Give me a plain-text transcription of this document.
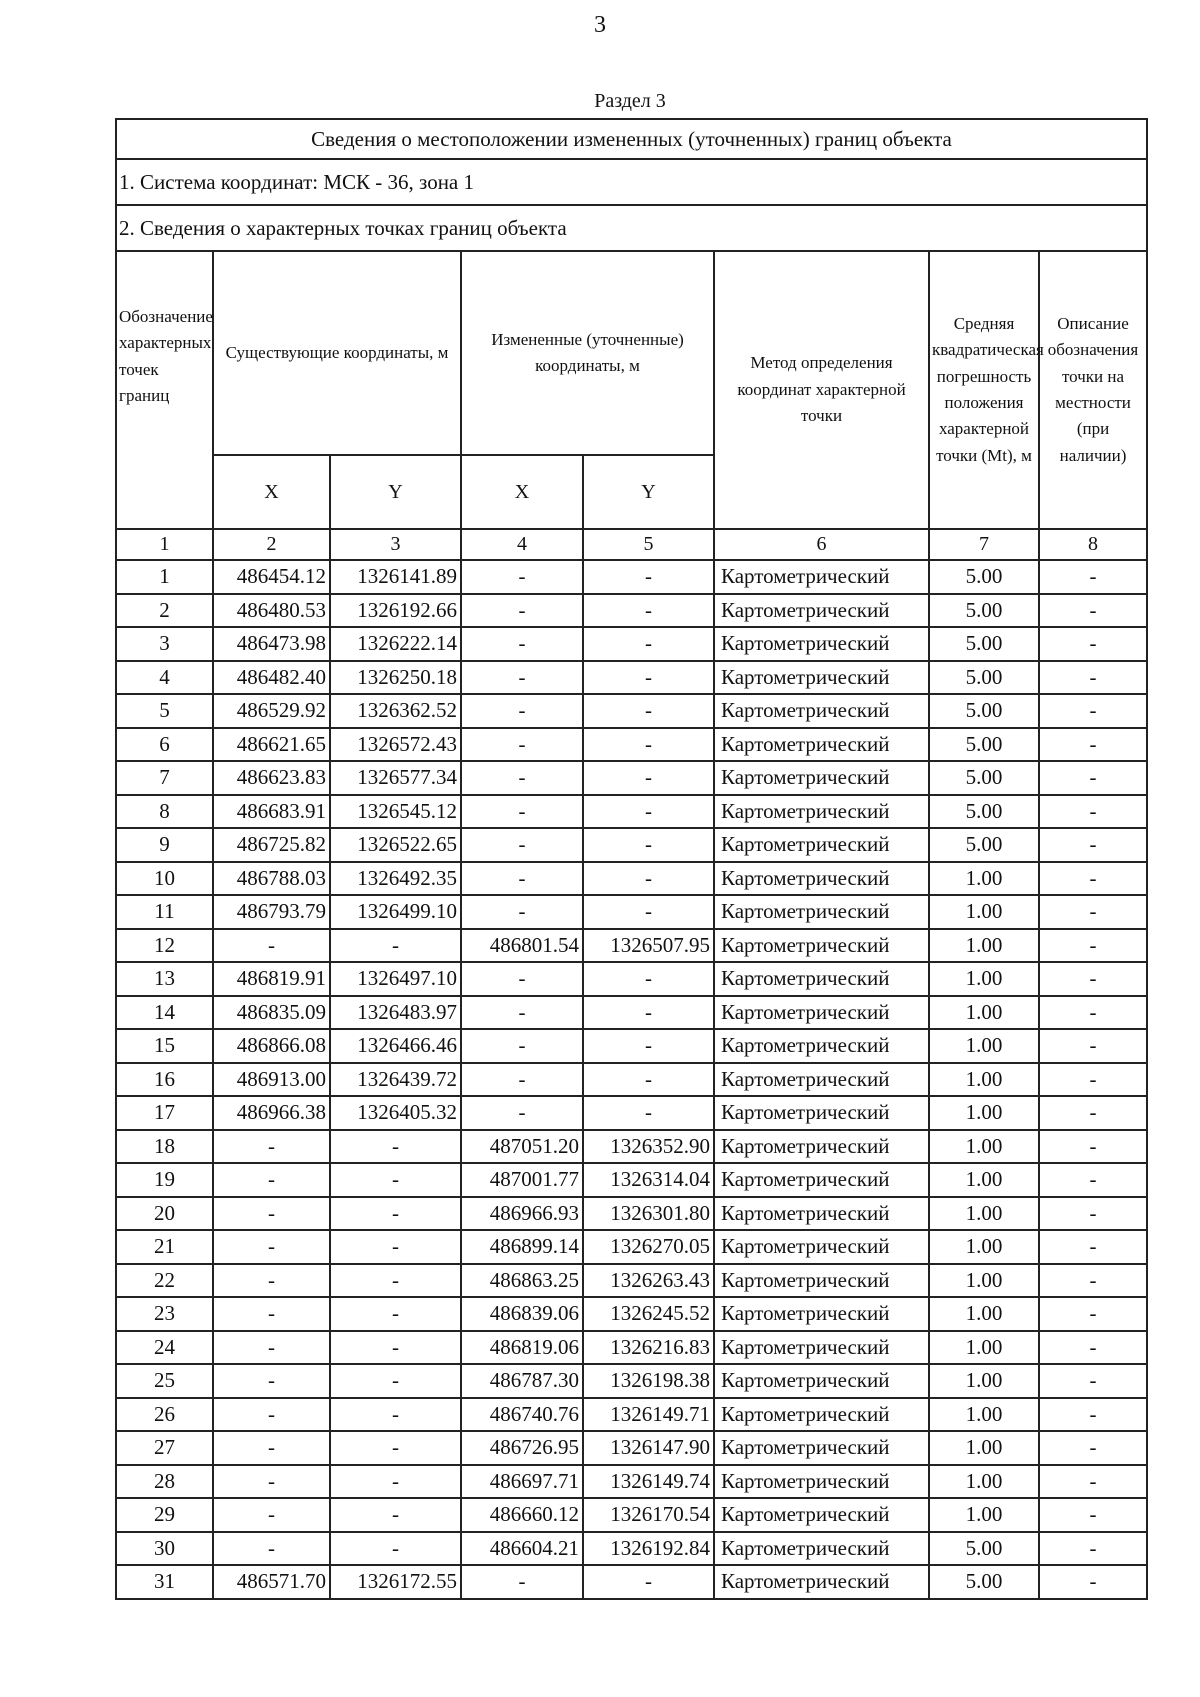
3
Раздел 3
Сведения о местоположении измененных (уточненных) границ объекта							
1. Система координат: МСК - 36, зона 1							
2. Сведения о характерных точках границ объекта							
Обозначение характерных точек границ	Существующие координаты, м		Измененные (уточненные) координаты, м		Метод определения координат характерной точки	Средняя квадратическая погрешность положения характерной точки (Mt), м	Описание обозначения точки на местности (при наличии)
	X	Y	X	Y			
1	2	3	4	5	6	7	8
1	486454.12	1326141.89	-	-	Картометрический	5.00	-
2	486480.53	1326192.66	-	-	Картометрический	5.00	-
3	486473.98	1326222.14	-	-	Картометрический	5.00	-
4	486482.40	1326250.18	-	-	Картометрический	5.00	-
5	486529.92	1326362.52	-	-	Картометрический	5.00	-
6	486621.65	1326572.43	-	-	Картометрический	5.00	-
7	486623.83	1326577.34	-	-	Картометрический	5.00	-
8	486683.91	1326545.12	-	-	Картометрический	5.00	-
9	486725.82	1326522.65	-	-	Картометрический	5.00	-
10	486788.03	1326492.35	-	-	Картометрический	1.00	-
11	486793.79	1326499.10	-	-	Картометрический	1.00	-
12	-	-	486801.54	1326507.95	Картометрический	1.00	-
13	486819.91	1326497.10	-	-	Картометрический	1.00	-
14	486835.09	1326483.97	-	-	Картометрический	1.00	-
15	486866.08	1326466.46	-	-	Картометрический	1.00	-
16	486913.00	1326439.72	-	-	Картометрический	1.00	-
17	486966.38	1326405.32	-	-	Картометрический	1.00	-
18	-	-	487051.20	1326352.90	Картометрический	1.00	-
19	-	-	487001.77	1326314.04	Картометрический	1.00	-
20	-	-	486966.93	1326301.80	Картометрический	1.00	-
21	-	-	486899.14	1326270.05	Картометрический	1.00	-
22	-	-	486863.25	1326263.43	Картометрический	1.00	-
23	-	-	486839.06	1326245.52	Картометрический	1.00	-
24	-	-	486819.06	1326216.83	Картометрический	1.00	-
25	-	-	486787.30	1326198.38	Картометрический	1.00	-
26	-	-	486740.76	1326149.71	Картометрический	1.00	-
27	-	-	486726.95	1326147.90	Картометрический	1.00	-
28	-	-	486697.71	1326149.74	Картометрический	1.00	-
29	-	-	486660.12	1326170.54	Картометрический	1.00	-
30	-	-	486604.21	1326192.84	Картометрический	5.00	-
31	486571.70	1326172.55	-	-	Картометрический	5.00	-
